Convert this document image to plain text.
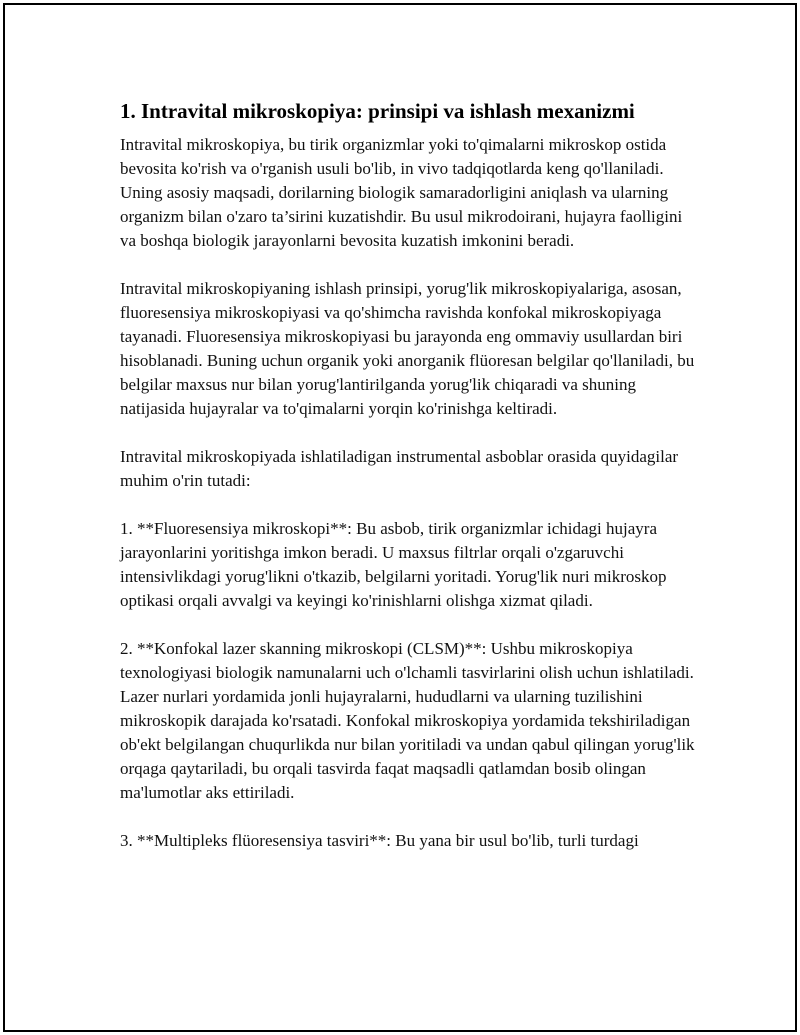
1. Intravital mikroskopiya: prinsipi va ishlash mexanizmi

Intravital mikroskopiya, bu tirik organizmlar yoki to'qimalarni mikroskop ostida bevosita ko'rish va o'rganish usuli bo'lib, in vivo tadqiqotlarda keng qo'llaniladi. Uning asosiy maqsadi, dorilarning biologik samaradorligini aniqlash va ularning organizm bilan o'zaro ta’sirini kuzatishdir. Bu usul mikrodoirani, hujayra faolligini va boshqa biologik jarayonlarni bevosita kuzatish imkonini beradi.

Intravital mikroskopiyaning ishlash prinsipi, yorug'lik mikroskopiyalariga, asosan, fluoresensiya mikroskopiyasi va qo'shimcha ravishda konfokal mikroskopiyaga tayanadi. Fluoresensiya mikroskopiyasi bu jarayonda eng ommaviy usullardan biri hisoblanadi. Buning uchun organik yoki anorganik flüoresan belgilar qo'llaniladi, bu belgilar maxsus nur bilan yorug'lantirilganda yorug'lik chiqaradi va shuning natijasida hujayralar va to'qimalarni yorqin ko'rinishga keltiradi.

Intravital mikroskopiyada ishlatiladigan instrumental asboblar orasida quyidagilar muhim o'rin tutadi:

1. **Fluoresensiya mikroskopi**: Bu asbob, tirik organizmlar ichidagi hujayra jarayonlarini yoritishga imkon beradi. U maxsus filtrlar orqali o'zgaruvchi intensivlikdagi yorug'likni o'tkazib, belgilarni yoritadi. Yorug'lik nuri mikroskop optikasi orqali avvalgi va keyingi ko'rinishlarni olishga xizmat qiladi.

2. **Konfokal lazer skanning mikroskopi (CLSM)**: Ushbu mikroskopiya texnologiyasi biologik namunalarni uch o'lchamli tasvirlarini olish uchun ishlatiladi. Lazer nurlari yordamida jonli hujayralarni, hududlarni va ularning tuzilishini mikroskopik darajada ko'rsatadi. Konfokal mikroskopiya yordamida tekshiriladigan ob'ekt belgilangan chuqurlikda nur bilan yoritiladi va undan qabul qilingan yorug'lik orqaga qaytariladi, bu orqali tasvirda faqat maqsadli qatlamdan bosib olingan ma'lumotlar aks ettiriladi.

3. **Multipleks flüoresensiya tasviri**: Bu yana bir usul bo'lib, turli turdagi
